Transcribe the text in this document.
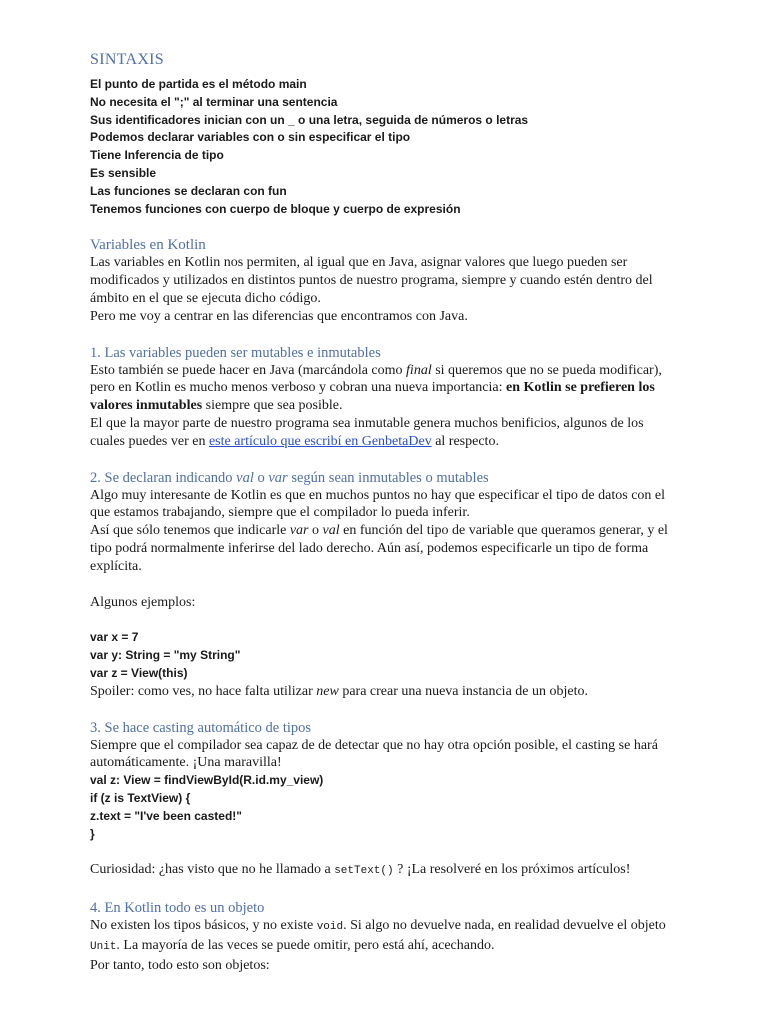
SINTAXIS
El punto de partida es el método main
No necesita el ";" al terminar una sentencia
Sus identificadores inician con un _ o una letra, seguida de números o letras
Podemos declarar variables con o sin especificar el tipo
Tiene Inferencia de tipo
Es sensible
Las funciones se declaran con fun
Tenemos funciones con cuerpo de bloque y cuerpo de expresión
Variables en Kotlin

Las variables en Kotlin nos permiten, al igual que en Java, asignar valores que luego pueden ser modificados y utilizados en distintos puntos de nuestro programa, siempre y cuando estén dentro del ámbito en el que se ejecuta dicho código.

Pero me voy a centrar en las diferencias que encontramos con Java.

1. Las variables pueden ser mutables e inmutables

Esto también se puede hacer en Java (marcándola como final si queremos que no se pueda modificar), pero en Kotlin es mucho menos verboso y cobran una nueva importancia: en Kotlin se prefieren los valores inmutables siempre que sea posible.

El que la mayor parte de nuestro programa sea inmutable genera muchos benificios, algunos de los cuales puedes ver en este artículo que escribí en GenbetaDev al respecto.

2. Se declaran indicando val o var según sean inmutables o mutables

Algo muy interesante de Kotlin es que en muchos puntos no hay que especificar el tipo de datos con el que estamos trabajando, siempre que el compilador lo pueda inferir.

Así que sólo tenemos que indicarle var o val en función del tipo de variable que queramos generar, y el tipo podrá normalmente inferirse del lado derecho. Aún así, podemos especificarle un tipo de forma explícita.

Algunos ejemplos:

var x = 7
var y: String = "my String"
var z = View(this)

Spoiler: como ves, no hace falta utilizar new para crear una nueva instancia de un objeto.

3. Se hace casting automático de tipos

Siempre que el compilador sea capaz de de detectar que no hay otra opción posible, el casting se hará automáticamente. ¡Una maravilla!

val z: View = findViewById(R.id.my_view)
if (z is TextView) {
z.text = "I've been casted!"
}

Curiosidad: ¿has visto que no he llamado a setText() ? ¡La resolveré en los próximos artículos!

4. En Kotlin todo es un objeto

No existen los tipos básicos, y no existe void. Si algo no devuelve nada, en realidad devuelve el objeto Unit. La mayoría de las veces se puede omitir, pero está ahí, acechando.

Por tanto, todo esto son objetos:
